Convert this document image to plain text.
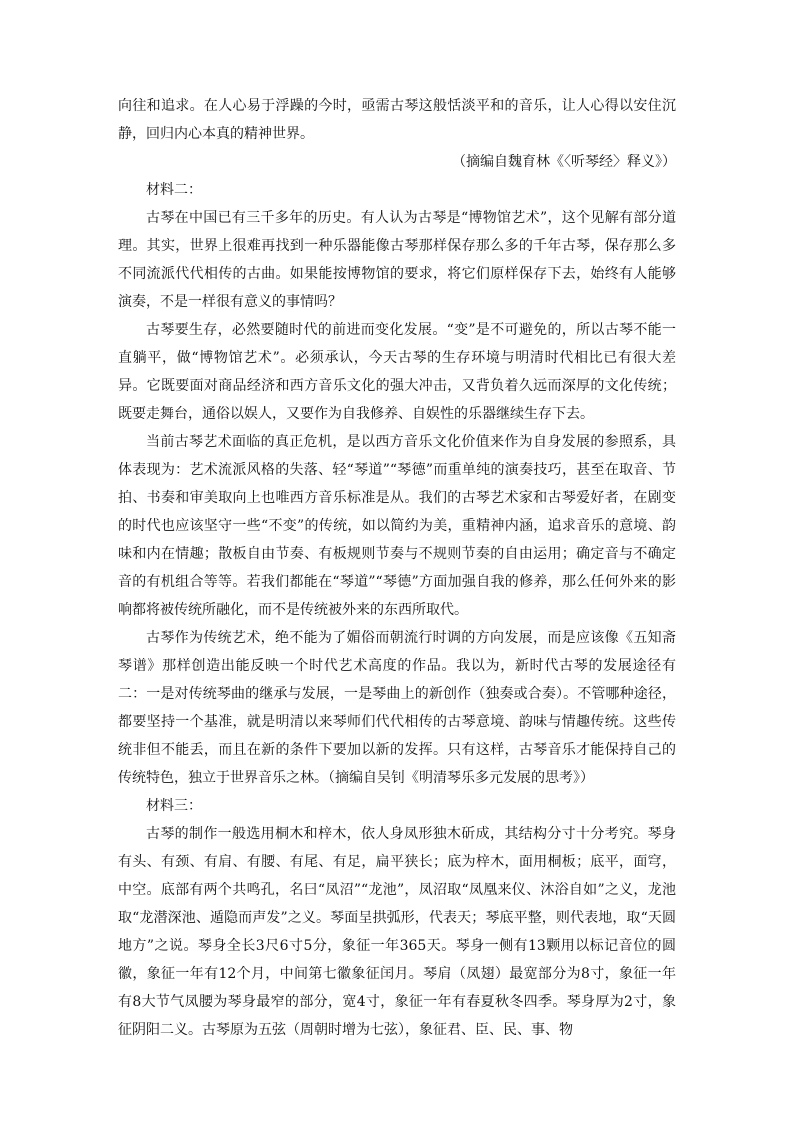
向往和追求。在人心易于浮躁的今时，亟需古琴这般恬淡平和的音乐，让人心得以安住沉静，回归内心本真的精神世界。

（摘编自魏育林《〈听琴经〉释义》）

材料二：

古琴在中国已有三千多年的历史。有人认为古琴是“博物馆艺术”，这个见解有部分道理。其实，世界上很难再找到一种乐器能像古琴那样保存那么多的千年古琴，保存那么多不同流派代代相传的古曲。如果能按博物馆的要求，将它们原样保存下去，始终有人能够演奏，不是一样很有意义的事情吗？

古琴要生存，必然要随时代的前进而变化发展。“变”是不可避免的，所以古琴不能一直躺平，做“博物馆艺术”。必须承认，今天古琴的生存环境与明清时代相比已有很大差异。它既要面对商品经济和西方音乐文化的强大冲击，又背负着久远而深厚的文化传统；既要走舞台，通俗以娱人，又要作为自我修养、自娱性的乐器继续生存下去。

当前古琴艺术面临的真正危机，是以西方音乐文化价值来作为自身发展的参照系，具体表现为：艺术流派风格的失落、轻“琴道”“琴德”而重单纯的演奏技巧，甚至在取音、节拍、书奏和审美取向上也唯西方音乐标准是从。我们的古琴艺术家和古琴爱好者，在剧变的时代也应该坚守一些“不变”的传统，如以简约为美，重精神内涵，追求音乐的意境、韵味和内在情趣；散板自由节奏、有板规则节奏与不规则节奏的自由运用；确定音与不确定音的有机组合等等。若我们都能在“琴道”“琴德”方面加强自我的修养，那么任何外来的影响都将被传统所融化，而不是传统被外来的东西所取代。

古琴作为传统艺术，绝不能为了媚俗而朝流行时调的方向发展，而是应该像《五知斋琴谱》那样创造出能反映一个时代艺术高度的作品。我以为，新时代古琴的发展途径有二：一是对传统琴曲的继承与发展，一是琴曲上的新创作（独奏或合奏）。不管哪种途径，都要坚持一个基准，就是明清以来琴师们代代相传的古琴意境、韵味与情趣传统。这些传统非但不能丢，而且在新的条件下要加以新的发挥。只有这样，古琴音乐才能保持自己的传统特色，独立于世界音乐之林。（摘编自吴钊《明清琴乐多元发展的思考》）

材料三：

古琴的制作一般选用桐木和梓木，依人身凤形独木斫成，其结构分寸十分考究。琴身有头、有颈、有肩、有腰、有尾、有足，扁平狭长；底为梓木，面用桐板；底平，面穹，中空。底部有两个共鸣孔，名曰“凤沼”“龙池”，凤沼取“凤凰来仪、沐浴自如”之义，龙池取“龙潜深池、遁隐而声发”之义。琴面呈拱弧形，代表天；琴底平整，则代表地，取“天圆地方”之说。琴身全长3尺6寸5分，象征一年365天。琴身一侧有13颗用以标记音位的圆徽，象征一年有12个月，中间第七徽象征闰月。琴肩（凤翅）最宽部分为8寸，象征一年有8大节气凤腰为琴身最窄的部分，宽4寸，象征一年有春夏秋冬四季。琴身厚为2寸，象征阴阳二义。古琴原为五弦（周朝时增为七弦），象征君、臣、民、事、物
